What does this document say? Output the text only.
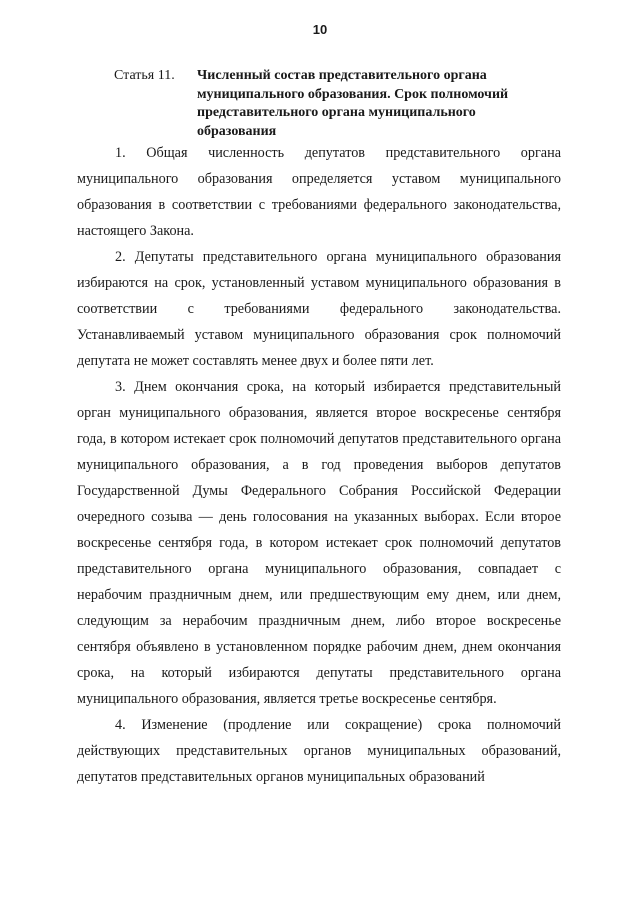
10
Статья 11.	Численный состав представительного органа муниципального образования. Срок полномочий представительного органа муниципального образования

1. Общая численность депутатов представительного органа муниципального образования определяется уставом муниципального образования в соответствии с требованиями федерального законодательства, настоящего Закона.

2. Депутаты представительного органа муниципального образования избираются на срок, установленный уставом муниципального образования в соответствии с требованиями федерального законодательства. Устанавливаемый уставом муниципального образования срок полномочий депутата не может составлять менее двух и более пяти лет.

3. Днем окончания срока, на который избирается представительный орган муниципального образования, является второе воскресенье сентября года, в котором истекает срок полномочий депутатов представительного органа муниципального образования, а в год проведения выборов депутатов Государственной Думы Федерального Собрания Российской Федерации очередного созыва — день голосования на указанных выборах. Если второе воскресенье сентября года, в котором истекает срок полномочий депутатов представительного органа муниципального образования, совпадает с нерабочим праздничным днем, или предшествующим ему днем, или днем, следующим за нерабочим праздничным днем, либо второе воскресенье сентября объявлено в установленном порядке рабочим днем, днем окончания срока, на который избираются депутаты представительного органа муниципального образования, является третье воскресенье сентября.

4. Изменение (продление или сокращение) срока полномочий действующих представительных органов муниципальных образований, депутатов представительных органов муниципальных образований
